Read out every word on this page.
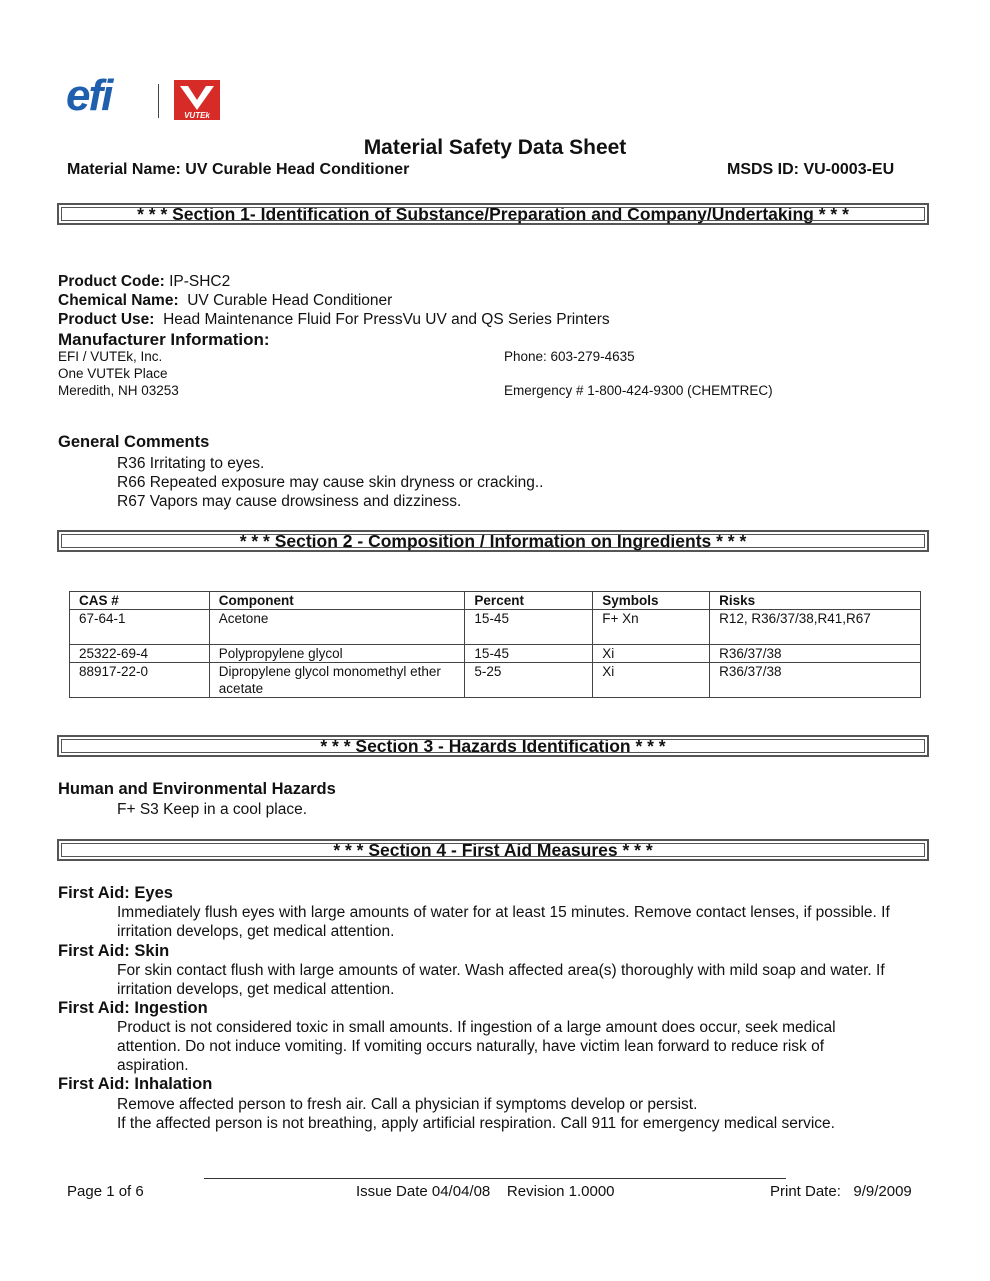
efi	VUTEk
Material Safety Data Sheet
Material Name: UV Curable Head Conditioner	MSDS ID: VU-0003-EU
* * * Section 1- Identification of Substance/Preparation and Company/Undertaking * * *
Product Code: IP-SHC2
Chemical Name: UV Curable Head Conditioner
Product Use: Head Maintenance Fluid For PressVu UV and QS Series Printers
Manufacturer Information:
EFI / VUTEk, Inc.
One VUTEk Place
Meredith, NH 03253
Phone: 603-279-4635
Emergency # 1-800-424-9300 (CHEMTREC)
General Comments
R36 Irritating to eyes.
R66 Repeated exposure may cause skin dryness or cracking..
R67 Vapors may cause drowsiness and dizziness.
* * * Section 2 - Composition / Information on Ingredients * * *
CAS #	Component	Percent	Symbols	Risks
67-64-1	Acetone	15-45	F+ Xn	R12, R36/37/38,R41,R67
25322-69-4	Polypropylene glycol	15-45	Xi	R36/37/38
88917-22-0	Dipropylene glycol monomethyl ether acetate	5-25	Xi	R36/37/38
* * * Section 3 - Hazards Identification * * *
Human and Environmental Hazards
F+ S3 Keep in a cool place.
* * * Section 4 - First Aid Measures * * *
First Aid: Eyes
Immediately flush eyes with large amounts of water for at least 15 minutes. Remove contact lenses, if possible. If irritation develops, get medical attention.
First Aid: Skin
For skin contact flush with large amounts of water. Wash affected area(s) thoroughly with mild soap and water. If irritation develops, get medical attention.
First Aid: Ingestion
Product is not considered toxic in small amounts. If ingestion of a large amount does occur, seek medical attention. Do not induce vomiting. If vomiting occurs naturally, have victim lean forward to reduce risk of aspiration.
First Aid: Inhalation
Remove affected person to fresh air. Call a physician if symptoms develop or persist.
If the affected person is not breathing, apply artificial respiration. Call 911 for emergency medical service.
Page 1 of 6	Issue Date 04/04/08    Revision 1.0000	Print Date:   9/9/2009
